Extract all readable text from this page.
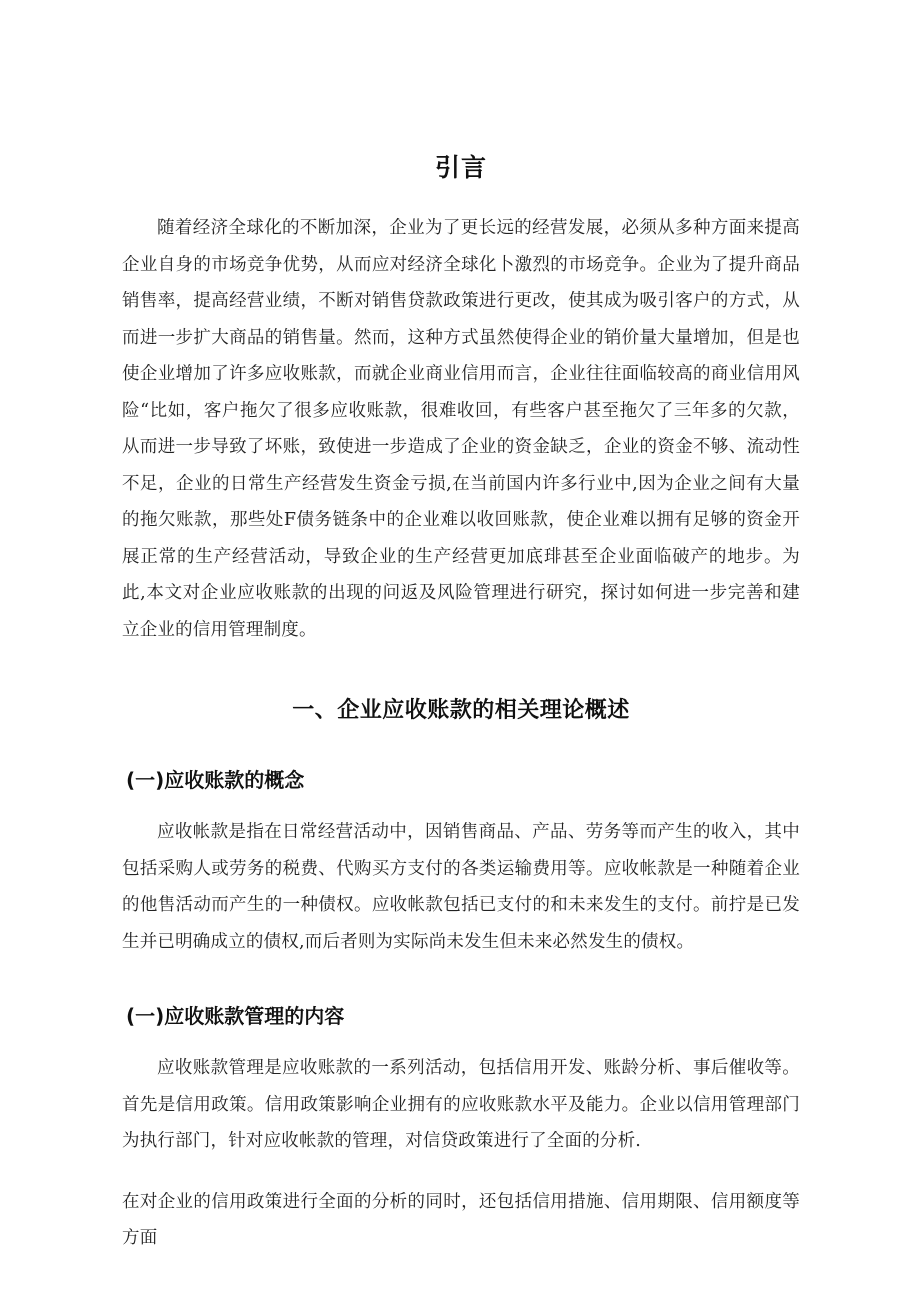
引言

随着经济全球化的不断加深，企业为了更长远的经营发展，必须从多种方面来提高企业自身的市场竞争优势，从而应对经济全球化卜激烈的市场竞争。企业为了提升商品销售率，提高经营业绩，不断对销售贷款政策进行更改，使其成为吸引客户的方式，从而进一步扩大商品的销售量。然而，这种方式虽然使得企业的销价量大量增加，但是也使企业增加了许多应收账款，而就企业商业信用而言，企业往往面临较高的商业信用风险“比如，客户拖欠了很多应收账款，很难收回，有些客户甚至拖欠了三年多的欠款，从而进一步导致了坏账，致使进一步造成了企业的资金缺乏，企业的资金不够、流动性不足，企业的日常生产经营发生资金亏损,在当前国内许多行业中,因为企业之间有大量的拖欠账款，那些处F债务链条中的企业难以收回账款，使企业难以拥有足够的资金开展正常的生产经营活动，导致企业的生产经营更加底琲甚至企业面临破产的地步。为此,本文对企业应收账款的出现的问返及风险管理进行研究，探讨如何进一步完善和建立企业的信用管理制度。

一、企业应收账款的相关理论概述
(一)应收账款的概念

应收帐款是指在日常经营活动中，因销售商品、产品、劳务等而产生的收入，其中包括采购人或劳务的税费、代购买方支付的各类运输费用等。应收帐款是一种随着企业的他售活动而产生的一种债权。应收帐款包括已支付的和未来发生的支付。前拧是已发生并已明确成立的债权,而后者则为实际尚未发生但未来必然发生的债权。

(一)应收账款管理的内容

应收账款管理是应收账款的一系列活动，包括信用开发、账龄分析、事后催收等。首先是信用政策。信用政策影响企业拥有的应收账款水平及能力。企业以信用管理部门为执行部门，针对应收帐款的管理，对信贷政策进行了全面的分析.

在对企业的信用政策进行全面的分析的同时，还包括信用措施、信用期限、信用额度等方面
